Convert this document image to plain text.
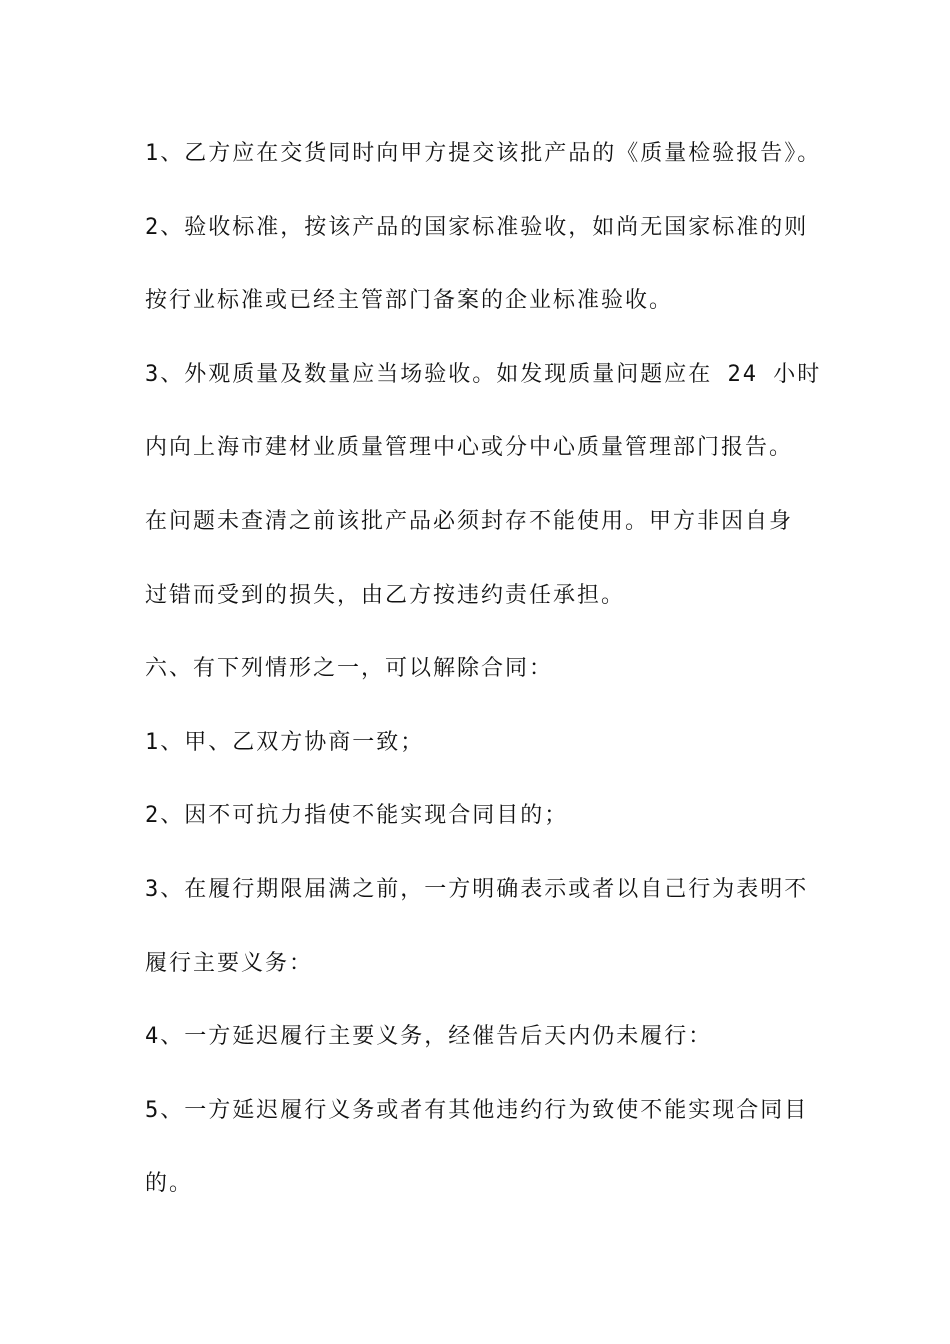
1、乙方应在交货同时向甲方提交该批产品的《质量检验报告》。
2、验收标准，按该产品的国家标准验收，如尚无国家标准的则
按行业标准或已经主管部门备案的企业标准验收。
3、外观质量及数量应当场验收。如发现质量问题应在 24 小时
内向上海市建材业质量管理中心或分中心质量管理部门报告。
在问题未查清之前该批产品必须封存不能使用。甲方非因自身
过错而受到的损失，由乙方按违约责任承担。
六、有下列情形之一，可以解除合同：
1、甲、乙双方协商一致；
2、因不可抗力指使不能实现合同目的；
3、在履行期限届满之前，一方明确表示或者以自己行为表明不
履行主要义务：
4、一方延迟履行主要义务，经催告后天内仍未履行：
5、一方延迟履行义务或者有其他违约行为致使不能实现合同目
的。
